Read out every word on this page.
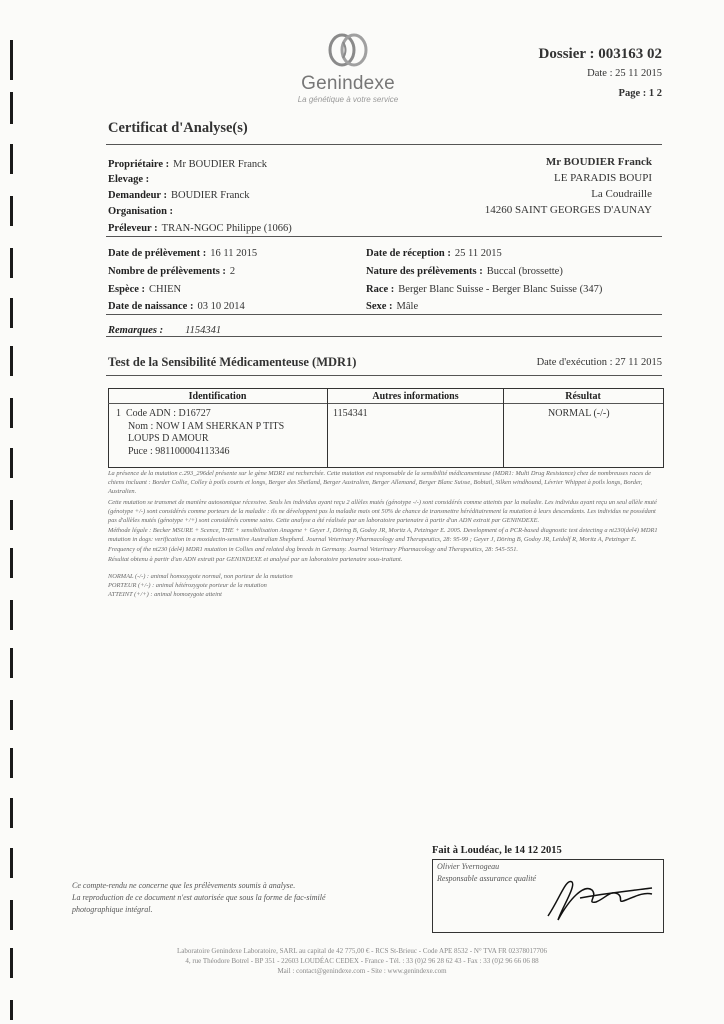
Genindexe
La génétique à votre service
Dossier : 003163 02
Date : 25 11 2015
Page : 1 2
Certificat d'Analyse(s)
Propriétaire : Mr BOUDIER Franck
Elevage :
Demandeur : BOUDIER Franck
Organisation :
Préleveur : TRAN-NGOC Philippe (1066)
Mr BOUDIER Franck
LE PARADIS BOUPI
La Coudraille
14260 SAINT GEORGES D'AUNAY
Date de prélèvement : 16 11 2015	Date de réception : 25 11 2015
Nombre de prélèvements : 2	Nature des prélèvements : Buccal (brossette)
Espèce : CHIEN	Race : Berger Blanc Suisse - Berger Blanc Suisse (347)
Date de naissance : 03 10 2014	Sexe : Mâle
Remarques : 1154341
Test de la Sensibilité Médicamenteuse (MDR1)	Date d'exécution : 27 11 2015
Identification	Autres informations	Résultat
1 Code ADN : D16727
Nom : NOW I AM SHERKAN P TITS
LOUPS D AMOUR
Puce : 981100004113346
1154341	NORMAL (-/-)

La présence de la mutation c.293_296del présente sur le gène MDR1 est recherchée. Cette mutation est responsable de la sensibilité médicamenteuse (MDR1: Multi Drug Resistance) chez de nombreuses races de chiens incluant : Border Collie, Colley à poils courts et longs, Berger des Shetland, Berger Australien, Berger Allemand, Berger Blanc Suisse, Bobtail, Silken windhound, Lévrier Whippet à poils longs, Border, Australien.

Cette mutation se transmet de manière autosomique récessive. Seuls les individus ayant reçu 2 allèles mutés (génotype -/-) sont considérés comme atteints par la maladie. Les individus ayant reçu un seul allèle muté (génotype +/-) sont considérés comme porteurs de la maladie : ils ne développent pas la maladie mais ont 50% de chance de transmettre héréditairement la mutation à leurs descendants. Les individus ne possédant pas d'allèles mutés (génotype +/+) sont considérés comme sains. Cette analyse a été réalisée par un laboratoire partenaire à partir d'un ADN extrait par GENINDEXE.

Méthode légale : Becker MSURE + Scence, THE + sensibilisation Anagene + Geyer J, Döring B, Godoy JR, Moritz A, Petzinger E. 2005. Development of a PCR-based diagnostic test detecting a nt230(del4) MDR1 mutation in dogs: verification in a moxidectin-sensitive Australian Shepherd. Journal Veterinary Pharmacology and Therapeutics, 28: 95-99 ; Geyer J, Döring B, Godoy JR, Leidolf R, Moritz A, Petzinger E. Frequency of the nt230 (del4) MDR1 mutation in Collies and related dog breeds in Germany. Journal Veterinary Pharmacology and Therapeutics, 28: 545-551.

Résultat obtenu à partir d'un ADN extrait par GENINDEXE et analysé par un laboratoire partenaire sous-traitant.

NORMAL (-/-) : animal homozygote normal, non porteur de la mutation

PORTEUR (+/-) : animal hétérozygote porteur de la mutation

ATTEINT (+/+) : animal homozygote atteint

Fait à Loudéac, le 14 12 2015
Olivier Yvernogeau
Responsable assurance qualité
Ce compte-rendu ne concerne que les prélèvements soumis à analyse.
La reproduction de ce document n'est autorisée que sous la forme de fac-similé
photographique intégral.
Laboratoire Genindexe Laboratoire, SARL au capital de 42 775,00 € - RCS St-Brieuc - Code APE 8532 - N° TVA FR 02378017706
4, rue Théodore Botrel - BP 351 - 22603 LOUDÉAC CEDEX - France - Tél. : 33 (0)2 96 28 62 43 - Fax : 33 (0)2 96 66 06 88
Mail : contact@genindexe.com - Site : www.genindexe.com
